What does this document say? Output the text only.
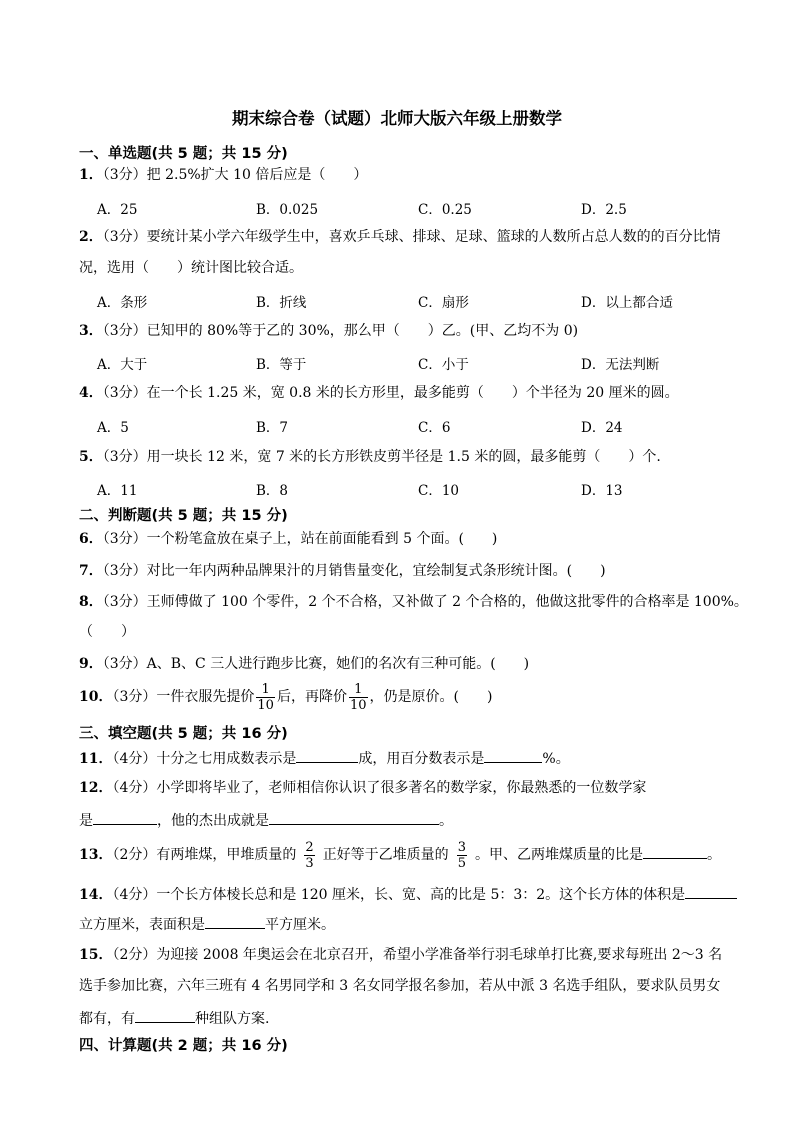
期末综合卷（试题）北师大版六年级上册数学
一、单选题(共 5 题；共 15 分)
1．（3分）把 2.5%扩大 10 倍后应是（　　）
A．25	B．0.025	C．0.25	D．2.5
2．（3分）要统计某小学六年级学生中，喜欢乒乓球、排球、足球、篮球的人数所占总人数的的百分比情
况，选用（　　）统计图比较合适。
A．条形	B．折线	C．扇形	D．以上都合适
3．（3分）已知甲的 80%等于乙的 30%，那么甲（　　）乙。(甲、乙均不为 0)
A．大于	B．等于	C．小于	D．无法判断
4．（3分）在一个长 1.25 米，宽 0.8 米的长方形里，最多能剪（　　）个半径为 20 厘米的圆。
A．5	B．7	C．6	D．24
5．（3分）用一块长 12 米，宽 7 米的长方形铁皮剪半径是 1.5 米的圆，最多能剪（　　）个.
A．11	B．8	C．10	D．13
二、判断题(共 5 题；共 15 分)
6．（3分）一个粉笔盒放在桌子上，站在前面能看到 5 个面。(　　)
7．（3分）对比一年内两种品牌果汁的月销售量变化，宜绘制复式条形统计图。(　　)
8．（3分）王师傅做了 100 个零件，2 个不合格，又补做了 2 个合格的，他做这批零件的合格率是 100%。
（　　）
9．（3分）A、B、C 三人进行跑步比赛，她们的名次有三种可能。(　　)
10．（3分）一件衣服先提价 $\frac{1}{10}$ 后，再降价 $\frac{1}{10}$ ，仍是原价。(　　)
三、填空题(共 5 题；共 16 分)
11．（4分）十分之七用成数表示是	成，用百分数表示是	%。
12．（4分）小学即将毕业了，老师相信你认识了很多著名的数学家，你最熟悉的一位数学家
是	，他的杰出成就是	。
13．（2分）有两堆煤，甲堆质量的 $\frac{2}{3}$ 正好等于乙堆质量的 $\frac{3}{5}$ 。甲、乙两堆煤质量的比是	。
14．（4分）一个长方体棱长总和是 120 厘米，长、宽、高的比是 5：3：2。这个长方体的体积是
立方厘米，表面积是	平方厘米。
15．（2分）为迎接 2008 年奥运会在北京召开，希望小学准备举行羽毛球单打比赛,要求每班出 2～3 名
选手参加比赛，六年三班有 4 名男同学和 3 名女同学报名参加，若从中派 3 名选手组队，要求队员男女
都有，有	种组队方案.
四、计算题(共 2 题；共 16 分)
